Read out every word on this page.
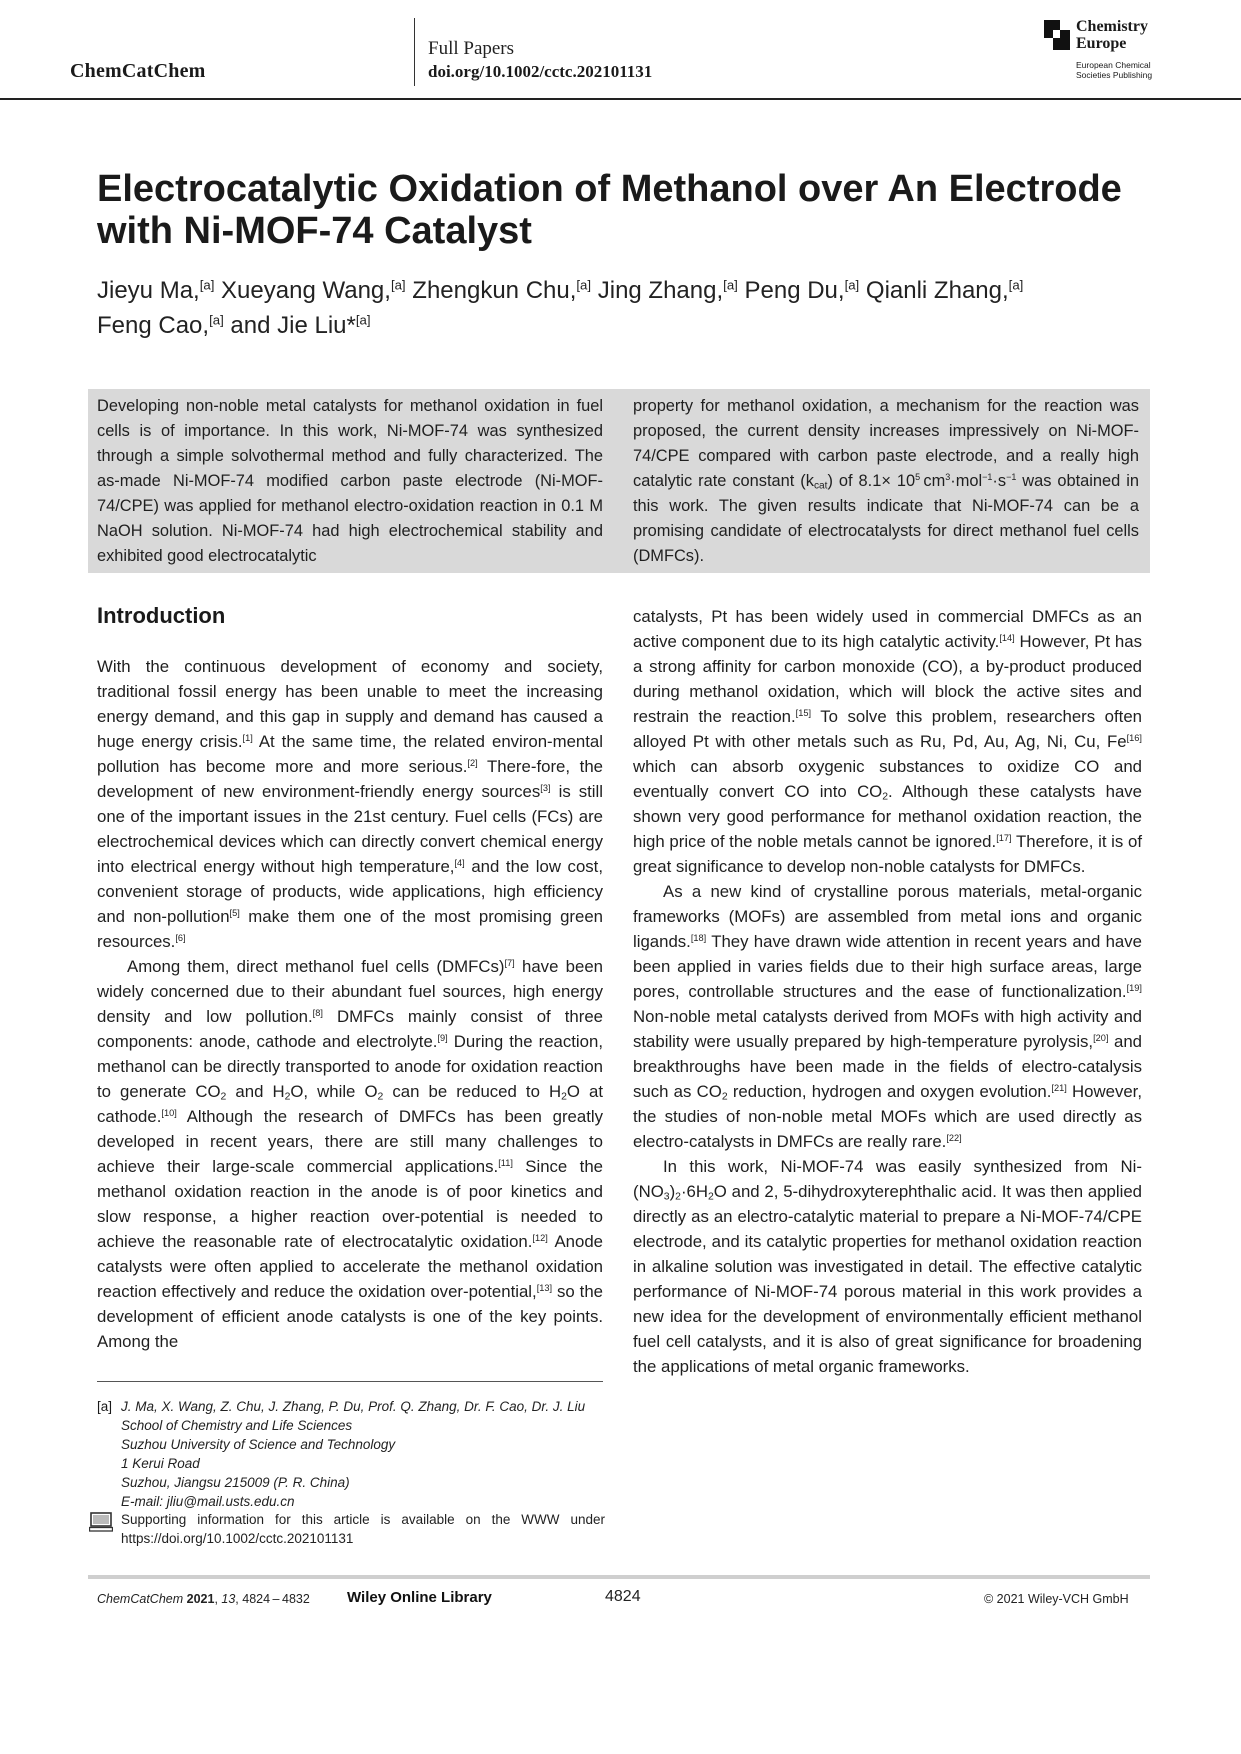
ChemCatChem
Full Papers
doi.org/10.1002/cctc.202101131
Chemistry
Europe
European Chemical
Societies Publishing
Electrocatalytic Oxidation of Methanol over An Electrode with Ni-MOF-74 Catalyst
Jieyu Ma,[a] Xueyang Wang,[a] Zhengkun Chu,[a] Jing Zhang,[a] Peng Du,[a] Qianli Zhang,[a]
Feng Cao,[a] and Jie Liu*[a]
Developing non-noble metal catalysts for methanol oxidation in fuel cells is of importance. In this work, Ni-MOF-74 was synthesized through a simple solvothermal method and fully characterized. The as-made Ni-MOF-74 modified carbon paste electrode (Ni-MOF-74/CPE) was applied for methanol electro-oxidation reaction in 0.1 M NaOH solution. Ni-MOF-74 had high electrochemical stability and exhibited good electrocatalytic
property for methanol oxidation, a mechanism for the reaction was proposed, the current density increases impressively on Ni-MOF-74/CPE compared with carbon paste electrode, and a really high catalytic rate constant $(k_{cat})$ of $8.1\times 10^5$ $cm^3\cdot mol^{-1}\cdot s^{-1}$ was obtained in this work. The given results indicate that Ni-MOF-74 can be a promising candidate of electrocatalysts for direct methanol fuel cells (DMFCs).
Introduction

With the continuous development of economy and society, traditional fossil energy has been unable to meet the increasing energy demand, and this gap in supply and demand has caused a huge energy crisis.[1] At the same time, the related environ-mental pollution has become more and more serious.[2] There-fore, the development of new environment-friendly energy sources[3] is still one of the important issues in the 21st century. Fuel cells (FCs) are electrochemical devices which can directly convert chemical energy into electrical energy without high temperature,[4] and the low cost, convenient storage of products, wide applications, high efficiency and non-pollution[5] make them one of the most promising green resources.[6]

Among them, direct methanol fuel cells (DMFCs)[7] have been widely concerned due to their abundant fuel sources, high energy density and low pollution.[8] DMFCs mainly consist of three components: anode, cathode and electrolyte.[9] During the reaction, methanol can be directly transported to anode for oxidation reaction to generate $CO_2$ and $H_2O$, while $O_2$ can be reduced to $H_2O$ at cathode.[10] Although the research of DMFCs has been greatly developed in recent years, there are still many challenges to achieve their large-scale commercial applications.[11] Since the methanol oxidation reaction in the anode is of poor kinetics and slow response, a higher reaction over-potential is needed to achieve the reasonable rate of electrocatalytic oxidation.[12] Anode catalysts were often applied to accelerate the methanol oxidation reaction effectively and reduce the oxidation over-potential,[13] so the development of efficient anode catalysts is one of the key points. Among the

catalysts, Pt has been widely used in commercial DMFCs as an active component due to its high catalytic activity.[14] However, Pt has a strong affinity for carbon monoxide (CO), a by-product produced during methanol oxidation, which will block the active sites and restrain the reaction.[15] To solve this problem, researchers often alloyed Pt with other metals such as Ru, Pd, Au, Ag, Ni, Cu, Fe[16] which can absorb oxygenic substances to oxidize CO and eventually convert CO into $CO_2$. Although these catalysts have shown very good performance for methanol oxidation reaction, the high price of the noble metals cannot be ignored.[17] Therefore, it is of great significance to develop non-noble catalysts for DMFCs.

As a new kind of crystalline porous materials, metal-organic frameworks (MOFs) are assembled from metal ions and organic ligands.[18] They have drawn wide attention in recent years and have been applied in varies fields due to their high surface areas, large pores, controllable structures and the ease of functionalization.[19] Non-noble metal catalysts derived from MOFs with high activity and stability were usually prepared by high-temperature pyrolysis,[20] and breakthroughs have been made in the fields of electro-catalysis such as $CO_2$ reduction, hydrogen and oxygen evolution.[21] However, the studies of non-noble metal MOFs which are used directly as electro-catalysts in DMFCs are really rare.[22]

In this work, Ni-MOF-74 was easily synthesized from $Ni-(NO_3)_2\cdot 6H_2O$ and 2, 5-dihydroxyterephthalic acid. It was then applied directly as an electro-catalytic material to prepare a Ni-MOF-74/CPE electrode, and its catalytic properties for methanol oxidation reaction in alkaline solution was investigated in detail. The effective catalytic performance of Ni-MOF-74 porous material in this work provides a new idea for the development of environmentally efficient methanol fuel cell catalysts, and it is also of great significance for broadening the applications of metal organic frameworks.

[a] J. Ma, X. Wang, Z. Chu, J. Zhang, P. Du, Prof. Q. Zhang, Dr. F. Cao, Dr. J. Liu
School of Chemistry and Life Sciences
Suzhou University of Science and Technology
1 Kerui Road
Suzhou, Jiangsu 215009 (P. R. China)
E-mail: jliu@mail.usts.edu.cn
Supporting information for this article is available on the WWW under https://doi.org/10.1002/cctc.202101131
ChemCatChem 2021, 13, 4824 – 4832 Wiley Online Library	4824	© 2021 Wiley-VCH GmbH
